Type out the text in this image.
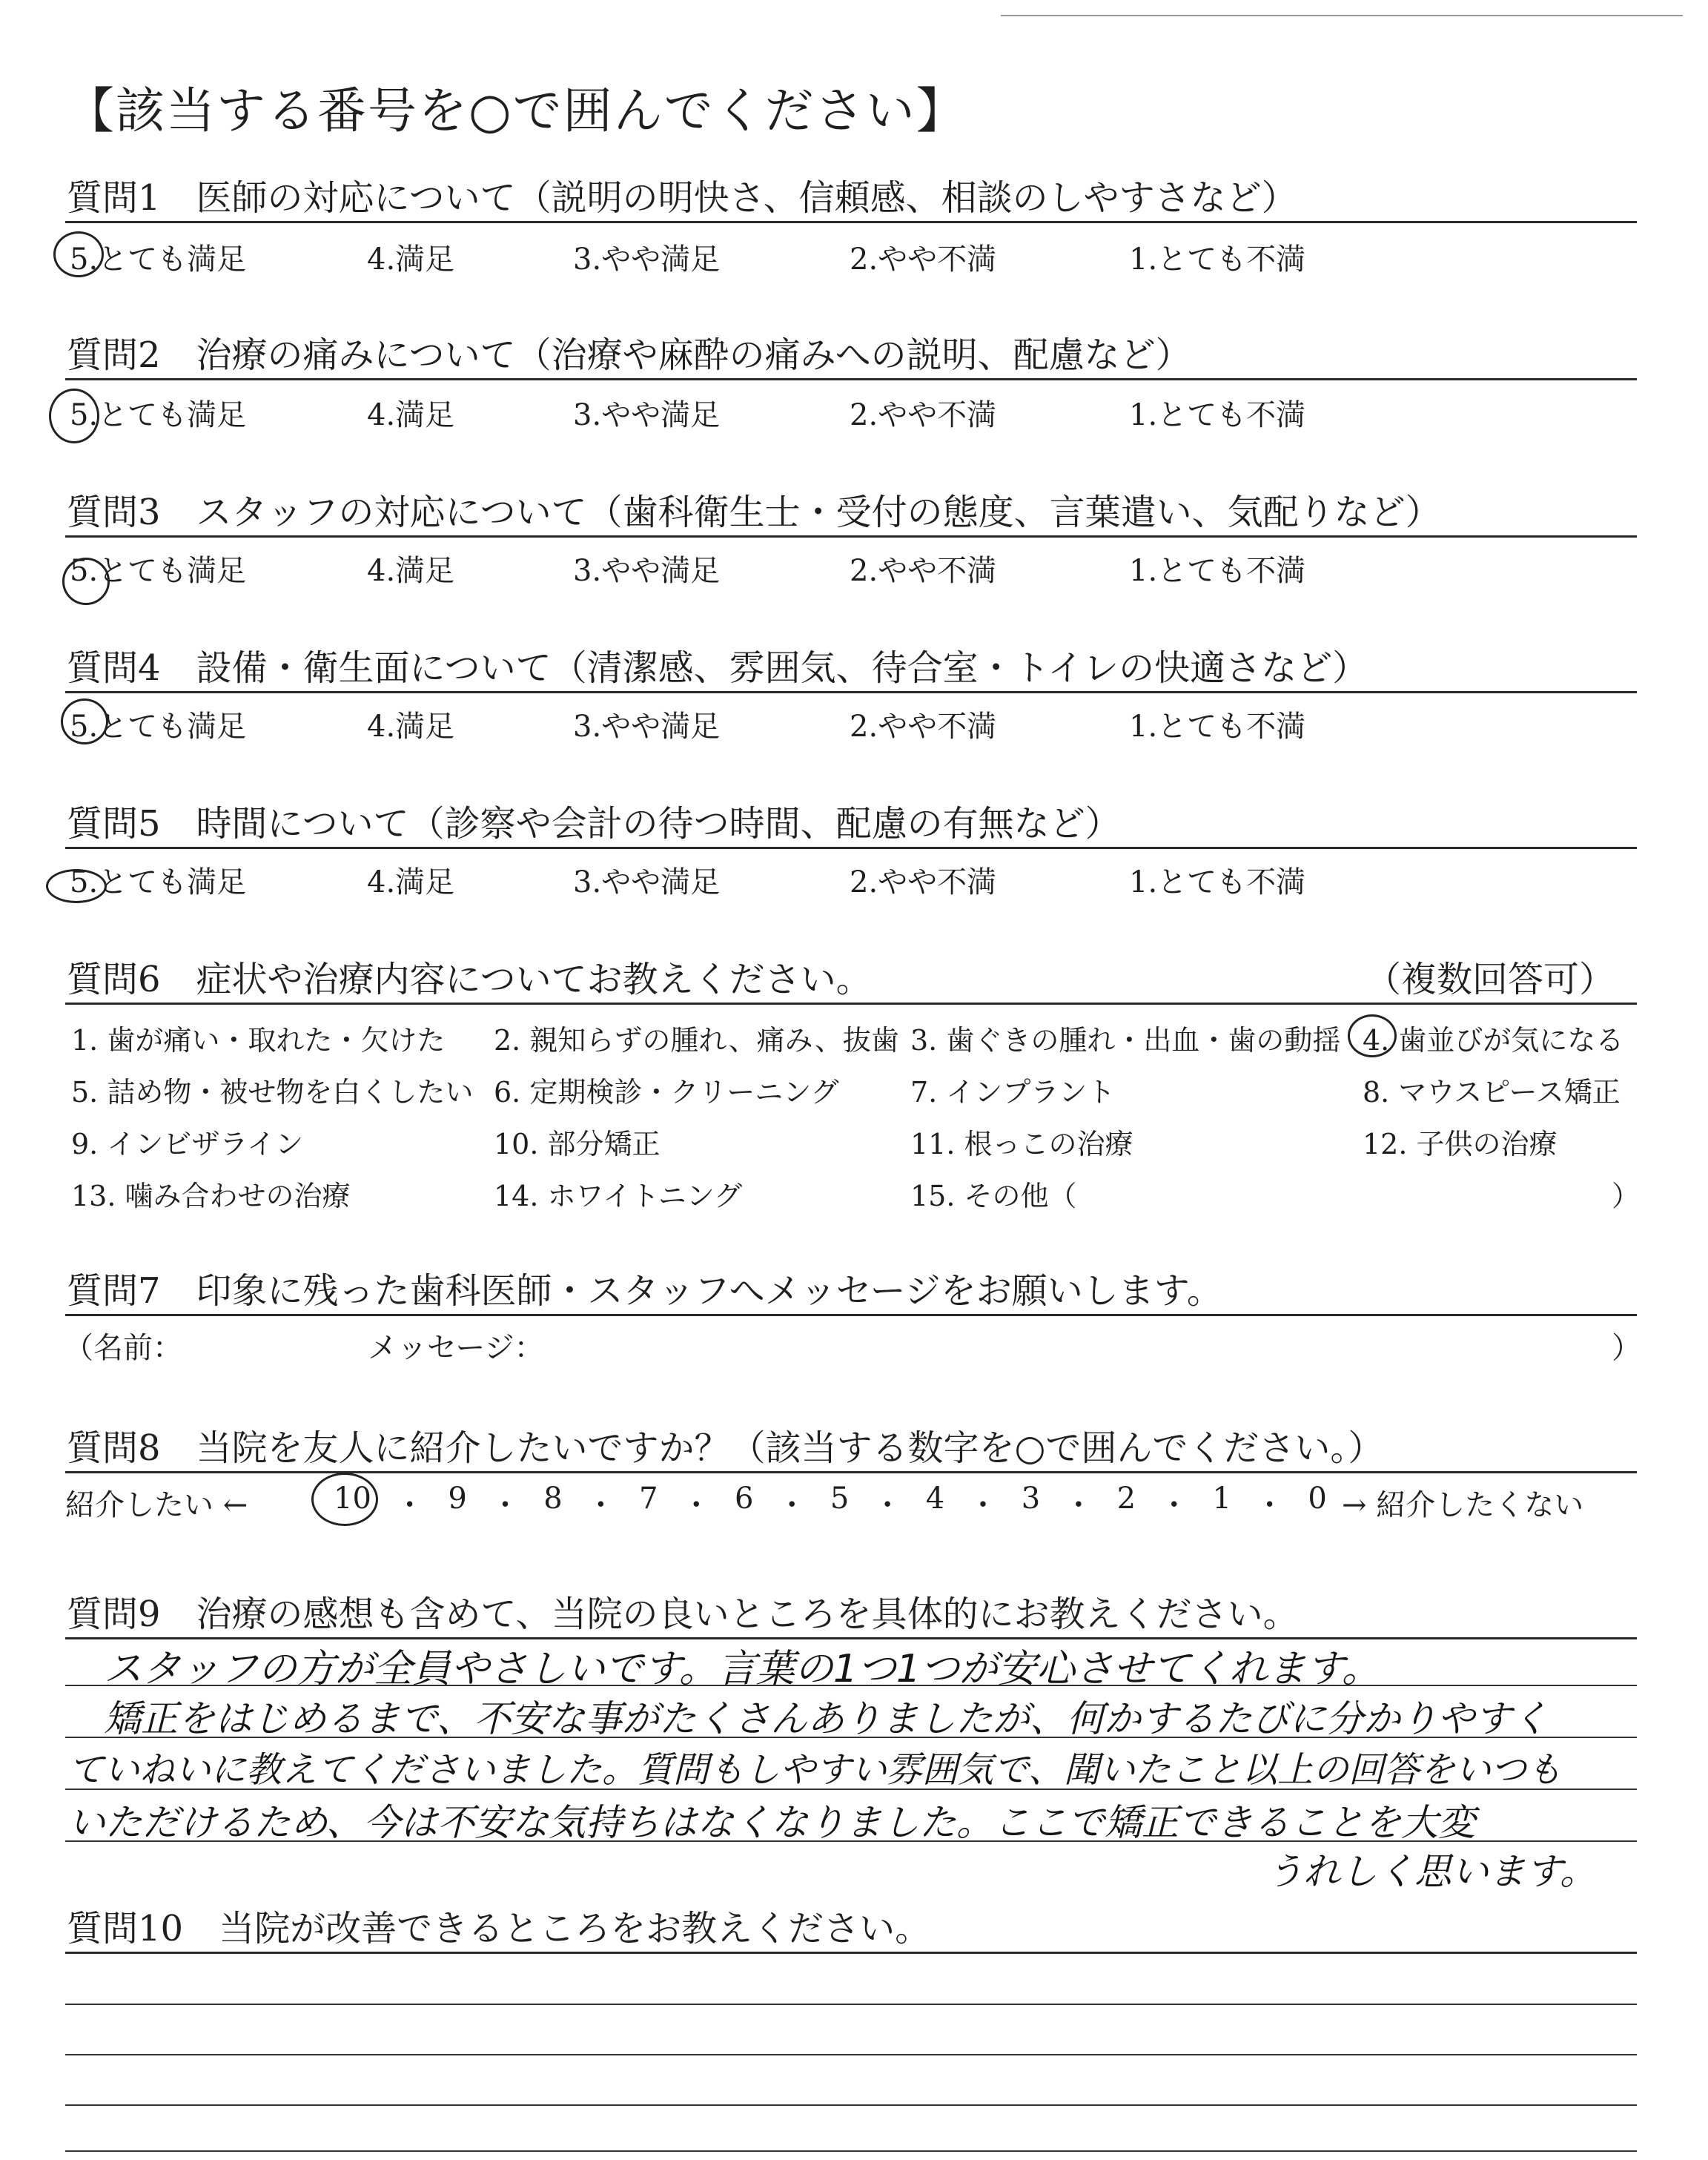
【該当する番号を○で囲んでください】
質問1　医師の対応について（説明の明快さ、信頼感、相談のしやすさなど）
5.とても満足	4.満足	3.やや満足	2.やや不満	1.とても不満
質問2　治療の痛みについて（治療や麻酔の痛みへの説明、配慮など）
5.とても満足	4.満足	3.やや満足	2.やや不満	1.とても不満
質問3　スタッフの対応について（歯科衛生士・受付の態度、言葉遣い、気配りなど）
5.とても満足	4.満足	3.やや満足	2.やや不満	1.とても不満
質問4　設備・衛生面について（清潔感、雰囲気、待合室・トイレの快適さなど）
5.とても満足	4.満足	3.やや満足	2.やや不満	1.とても不満
質問5　時間について（診察や会計の待つ時間、配慮の有無など）
5.とても満足	4.満足	3.やや満足	2.やや不満	1.とても不満
質問6　症状や治療内容についてお教えください。	（複数回答可）
1. 歯が痛い・取れた・欠けた 2. 親知らずの腫れ、痛み、抜歯 3. 歯ぐきの腫れ・出血・歯の動揺 4. 歯並びが気になる
5. 詰め物・被せ物を白くしたい 6. 定期検診・クリーニング	7. インプラント	8. マウスピース矯正
9. インビザライン	10. 部分矯正	11. 根っこの治療	12. 子供の治療
13. 噛み合わせの治療	14. ホワイトニング	15. その他（	）
質問7　印象に残った歯科医師・スタッフへメッセージをお願いします。
（名前：	メッセージ：	）
質問8　当院を友人に紹介したいですか？（該当する数字を○で囲んでください。）
紹介したい ←	10 ・ 9 ・ 8 ・ 7 ・ 6 ・ 5 ・ 4 ・ 3 ・ 2 ・ 1 ・ 0 → 紹介したくない
質問9　治療の感想も含めて、当院の良いところを具体的にお教えください。
スタッフの方が全員やさしいです。言葉の1つ1つが安心させてくれます。
矯正をはじめるまで、不安な事がたくさんありましたが、何かするたびに分かりやすく
ていねいに教えてくださいました。質問もしやすい雰囲気で、聞いたこと以上の回答をいつも
いただけるため、今は不安な気持ちはなくなりました。ここで矯正できることを大変
うれしく思います。
質問10　当院が改善できるところをお教えください。
